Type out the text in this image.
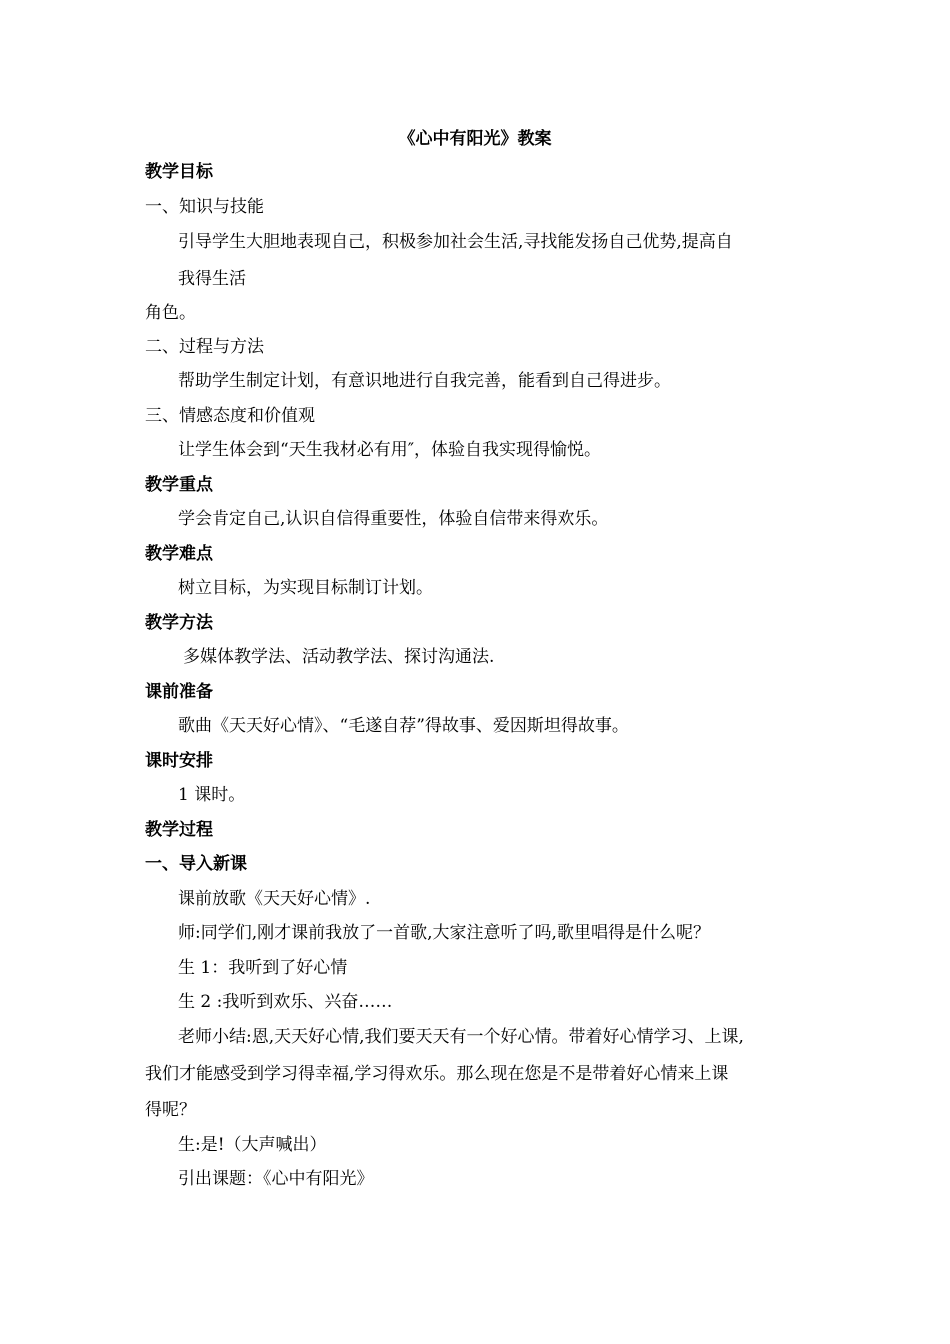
《心中有阳光》教案
教学目标
一、知识与技能
引导学生大胆地表现自己，积极参加社会生活,寻找能发扬自己优势,提高自
我得生活
角色。
二、过程与方法
帮助学生制定计划，有意识地进行自我完善，能看到自己得进步。
三、情感态度和价值观
让学生体会到“天生我材必有用″，体验自我实现得愉悦。
教学重点
学会肯定自己,认识自信得重要性，体验自信带来得欢乐。
教学难点
树立目标，为实现目标制订计划。
教学方法
多媒体教学法、活动教学法、探讨沟通法.
课前准备
歌曲《天天好心情》、“毛遂自荐”得故事、爱因斯坦得故事。
课时安排
1 课时。
教学过程
一、导入新课
课前放歌《天天好心情》.
师:同学们,刚才课前我放了一首歌,大家注意听了吗,歌里唱得是什么呢？
生 1：我听到了好心情
生 2 :我听到欢乐、兴奋……
老师小结:恩,天天好心情,我们要天天有一个好心情。带着好心情学习、上课,
我们才能感受到学习得幸福,学习得欢乐。那么现在您是不是带着好心情来上课
得呢？
生:是!（大声喊出）
引出课题：《心中有阳光》
